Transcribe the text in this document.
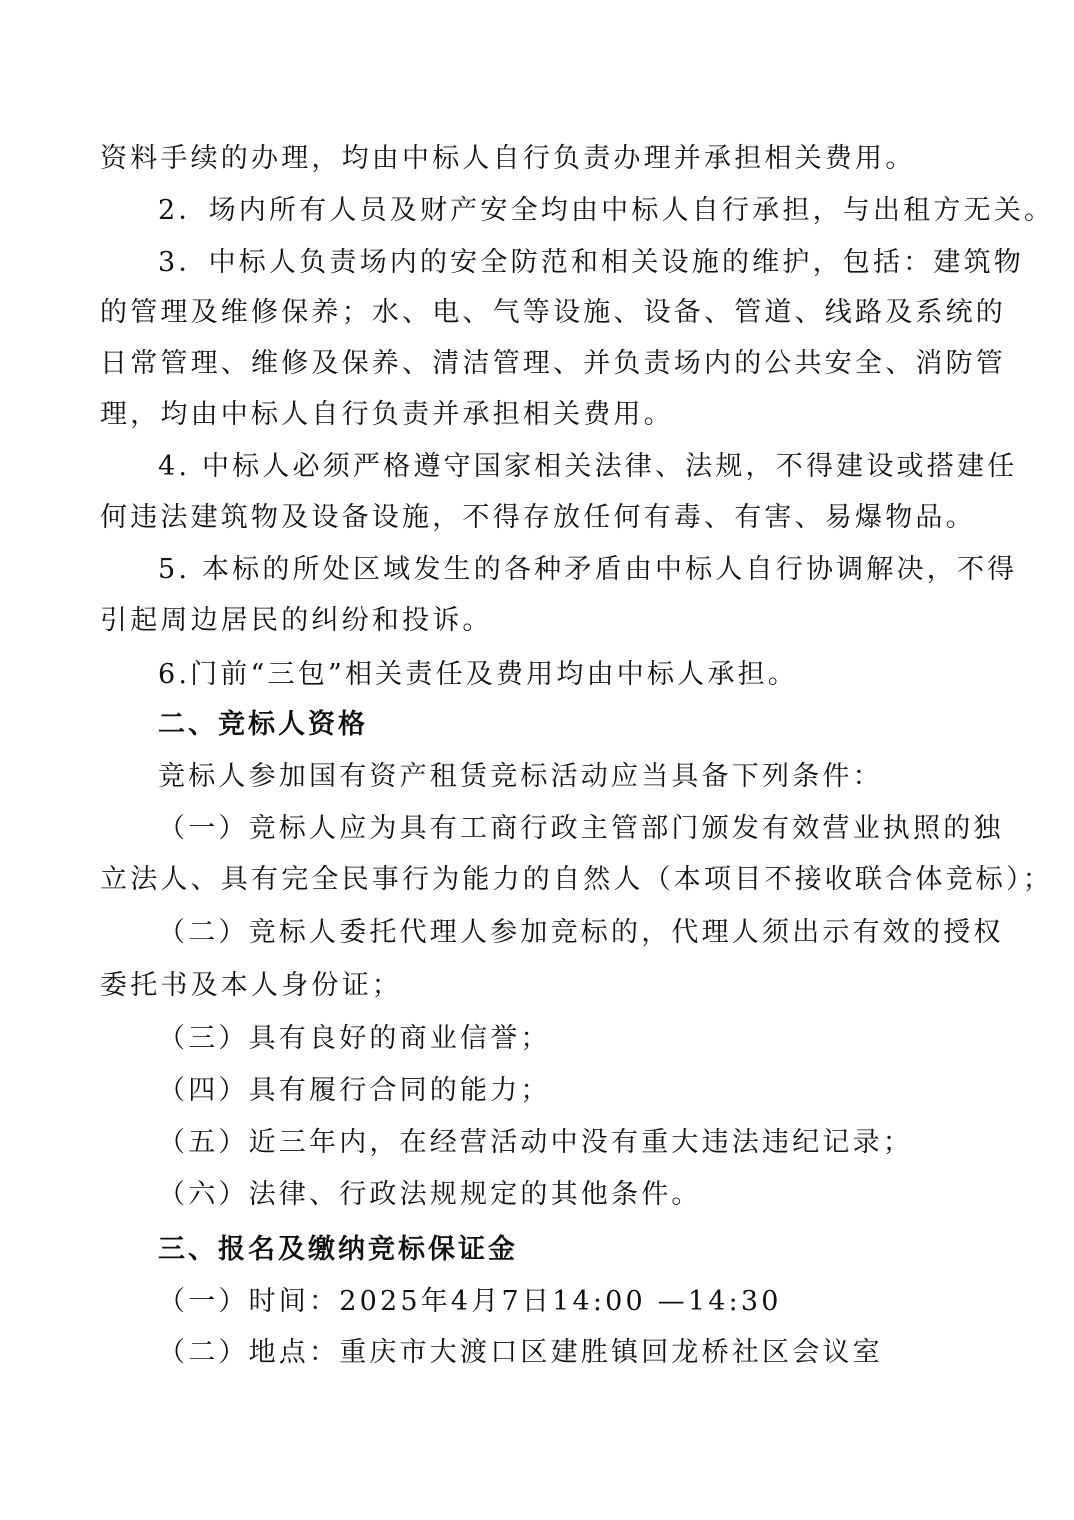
资料手续的办理，均由中标人自行负责办理并承担相关费用。
2．场内所有人员及财产安全均由中标人自行承担，与出租方无关。
3．中标人负责场内的安全防范和相关设施的维护，包括：建筑物
的管理及维修保养；水、电、气等设施、设备、管道、线路及系统的
日常管理、维修及保养、清洁管理、并负责场内的公共安全、消防管
理，均由中标人自行负责并承担相关费用。
4. 中标人必须严格遵守国家相关法律、法规，不得建设或搭建任
何违法建筑物及设备设施，不得存放任何有毒、有害、易爆物品。
5. 本标的所处区域发生的各种矛盾由中标人自行协调解决，不得
引起周边居民的纠纷和投诉。
6.门前“三包”相关责任及费用均由中标人承担。
二、竞标人资格
竞标人参加国有资产租赁竞标活动应当具备下列条件：
（一）竞标人应为具有工商行政主管部门颁发有效营业执照的独
立法人、具有完全民事行为能力的自然人（本项目不接收联合体竞标）；
（二）竞标人委托代理人参加竞标的，代理人须出示有效的授权
委托书及本人身份证；
（三）具有良好的商业信誉；
（四）具有履行合同的能力；
（五）近三年内，在经营活动中没有重大违法违纪记录；
（六）法律、行政法规规定的其他条件。
三、报名及缴纳竞标保证金
（一）时间：2025年4月7日14:00 —14:30
（二）地点：重庆市大渡口区建胜镇回龙桥社区会议室
